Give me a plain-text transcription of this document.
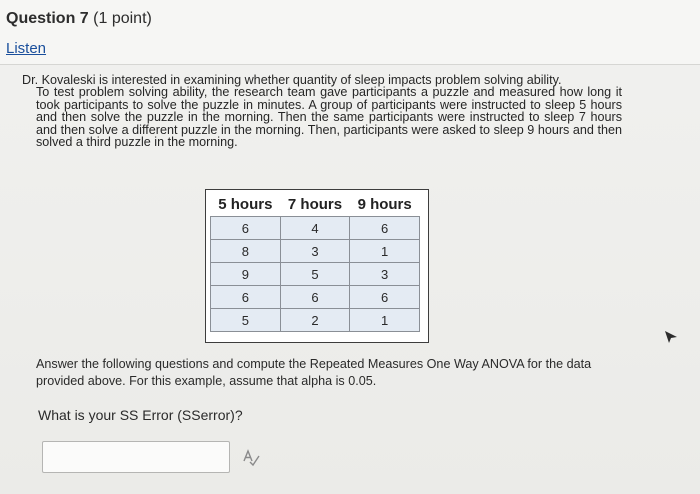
Question 7 (1 point)
Listen
Dr. Kovaleski is interested in examining whether quantity of sleep impacts problem solving ability.
To test problem solving ability, the research team gave participants a puzzle and measured how long it took participants to solve the puzzle in minutes. A group of participants were instructed to sleep 5 hours and then solve the puzzle in the morning. Then the same participants were instructed to sleep 7 hours and then solve a different puzzle in the morning. Then, participants were asked to sleep 9 hours and then solved a third puzzle in the morning.
5 hours	7 hours	9 hours
6	4	6
8	3	1
9	5	3
6	6	6
5	2	1
Answer the following questions and compute the Repeated Measures One Way ANOVA for the data provided above. For this example, assume that alpha is 0.05.
What is your SS Error (SSerror)?
